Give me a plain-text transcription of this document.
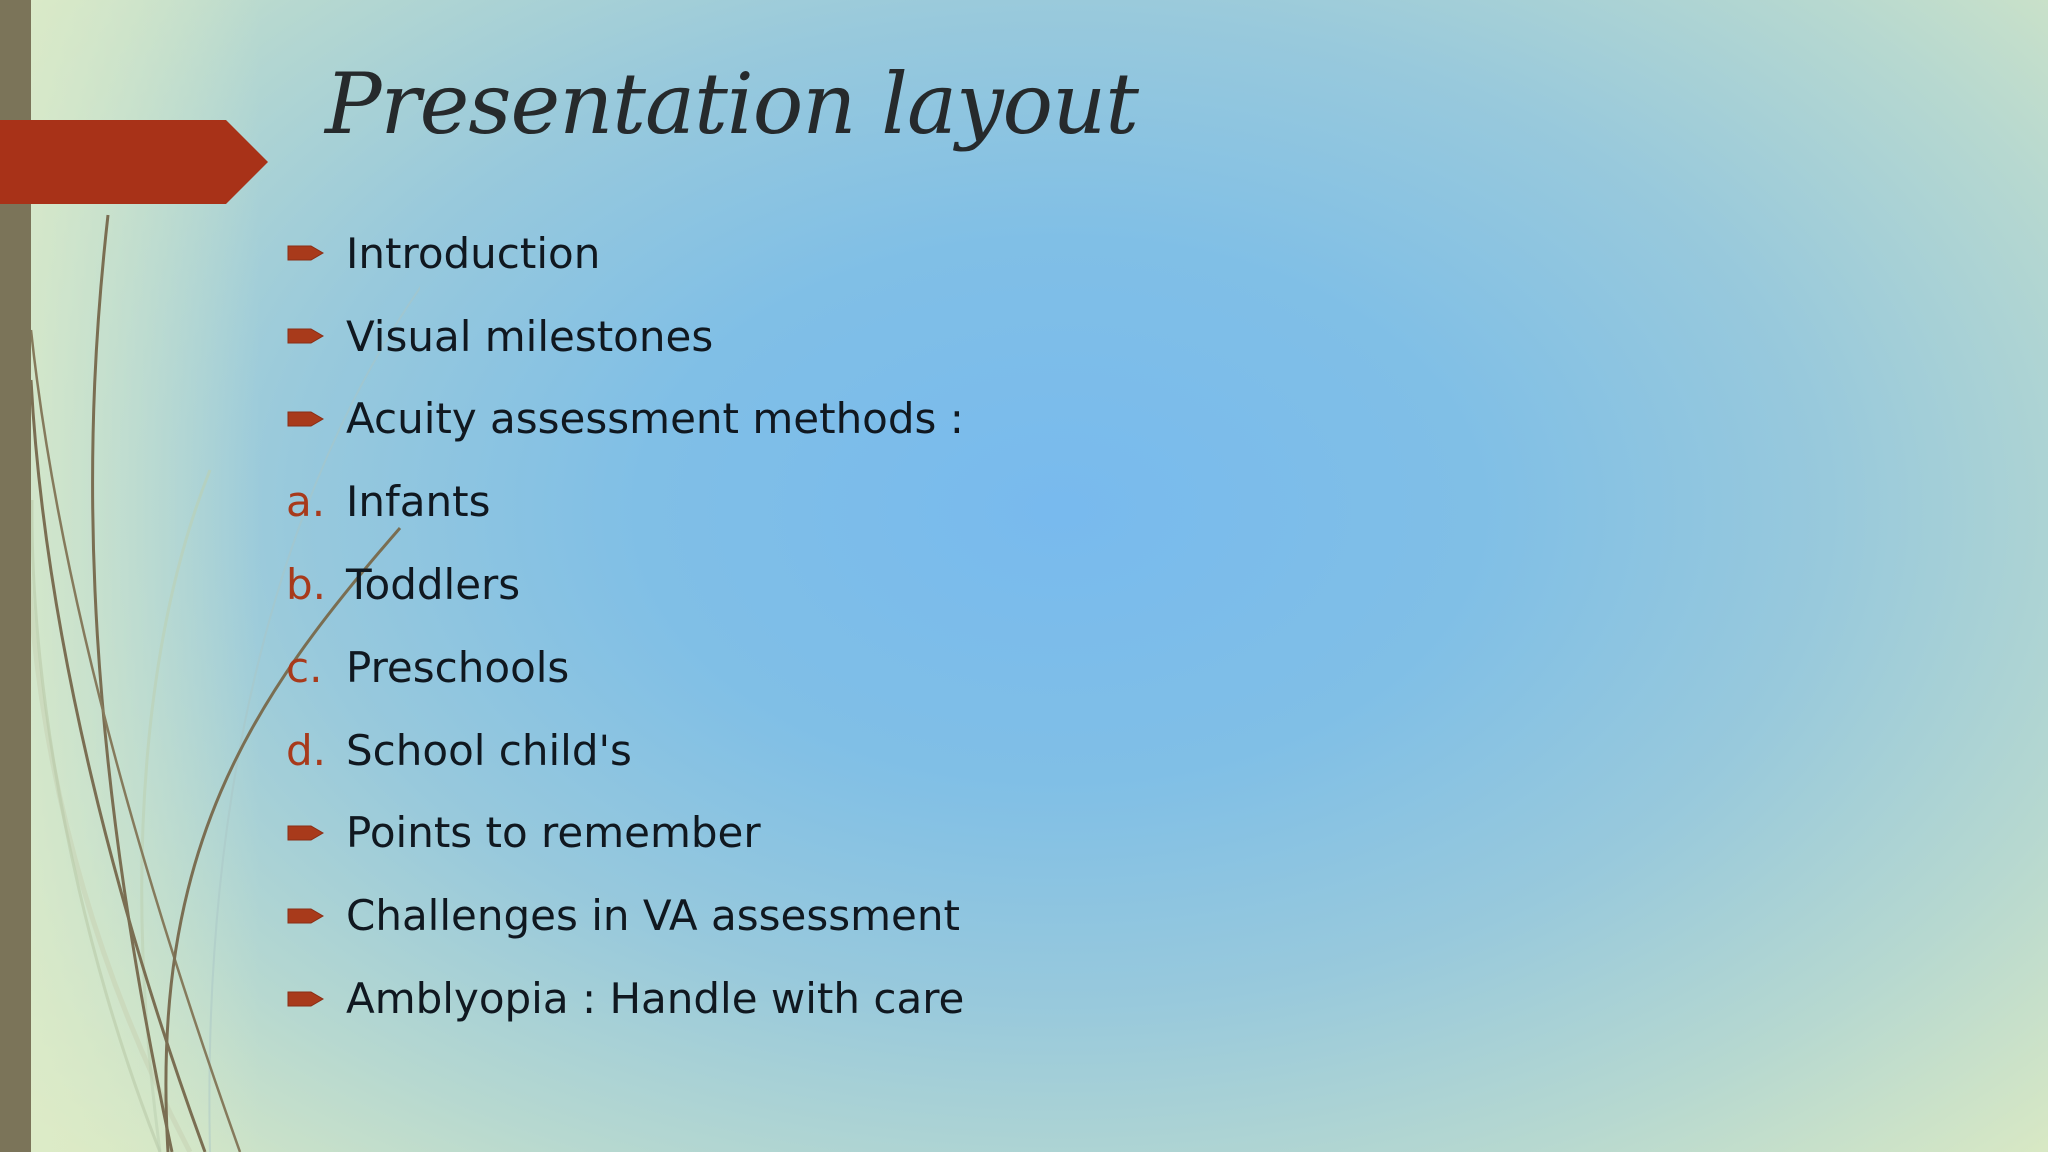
Presentation layout
Introduction
Visual milestones
Acuity assessment methods :
a. Infants
b. Toddlers
c. Preschools
d. School child's
Points to remember
Challenges in VA assessment
Amblyopia : Handle with care
